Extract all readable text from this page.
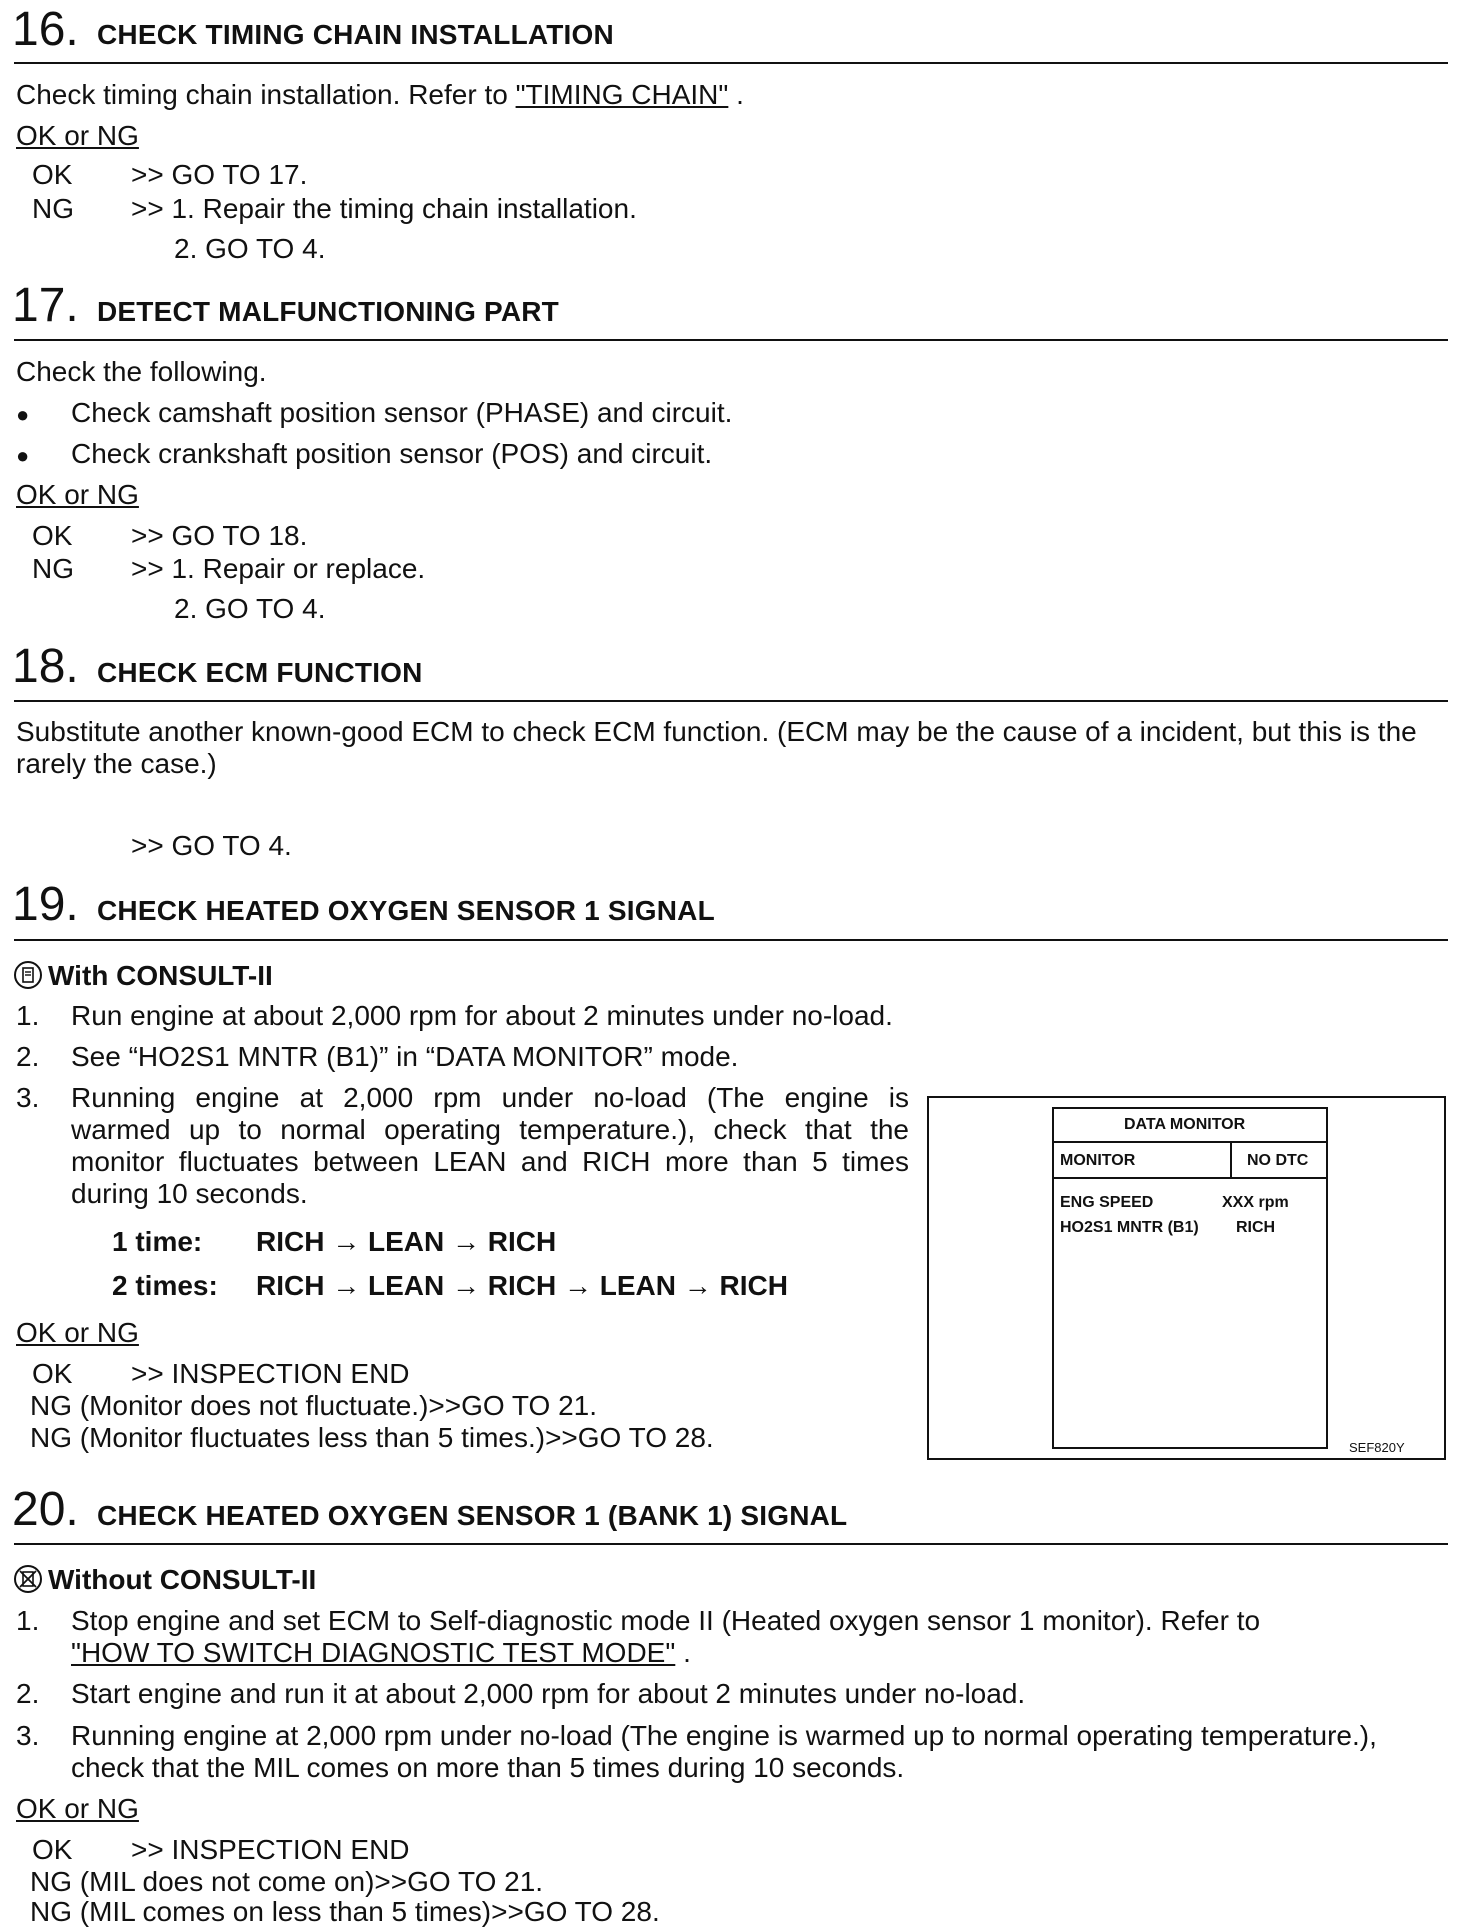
16. CHECK TIMING CHAIN INSTALLATION
Check timing chain installation. Refer to "TIMING CHAIN" .
OK or NG
OK >> GO TO 17.
NG >> 1. Repair the timing chain installation.
2. GO TO 4.
17. DETECT MALFUNCTIONING PART
Check the following.
● Check camshaft position sensor (PHASE) and circuit.
● Check crankshaft position sensor (POS) and circuit.
OK or NG
OK >> GO TO 18.
NG >> 1. Repair or replace.
2. GO TO 4.
18. CHECK ECM FUNCTION
Substitute another known-good ECM to check ECM function. (ECM may be the cause of a incident, but this is the rarely the case.)
>> GO TO 4.
19. CHECK HEATED OXYGEN SENSOR 1 SIGNAL
With CONSULT-II
1. Run engine at about 2,000 rpm for about 2 minutes under no-load.
2. See “HO2S1 MNTR (B1)” in “DATA MONITOR” mode.
3. Running  engine  at  2,000  rpm  under  no-load  (The  engine  is
warmed  up  to  normal  operating  temperature.),  check  that  the
monitor fluctuates between LEAN and RICH more than 5 times
during 10 seconds.
1 time: RICH → LEAN → RICH
2 times: RICH → LEAN → RICH → LEAN → RICH
OK or NG
OK >> INSPECTION END
NG (Monitor does not fluctuate.)>>GO TO 21.
NG (Monitor fluctuates less than 5 times.)>>GO TO 28.
DATA MONITOR
MONITOR	NO DTC
ENG SPEED	XXX rpm
HO2S1 MNTR (B1) RICH
SEF820Y
20. CHECK HEATED OXYGEN SENSOR 1 (BANK 1) SIGNAL
Without CONSULT-II
1. Stop engine and set ECM to Self-diagnostic mode II (Heated oxygen sensor 1 monitor). Refer to
"HOW TO SWITCH DIAGNOSTIC TEST MODE" .
2. Start engine and run it at about 2,000 rpm for about 2 minutes under no-load.
3. Running engine at 2,000 rpm under no-load (The engine is warmed up to normal operating temperature.),
check that the MIL comes on more than 5 times during 10 seconds.
OK or NG
OK >> INSPECTION END
NG (MIL does not come on)>>GO TO 21.
NG (MIL comes on less than 5 times)>>GO TO 28.
